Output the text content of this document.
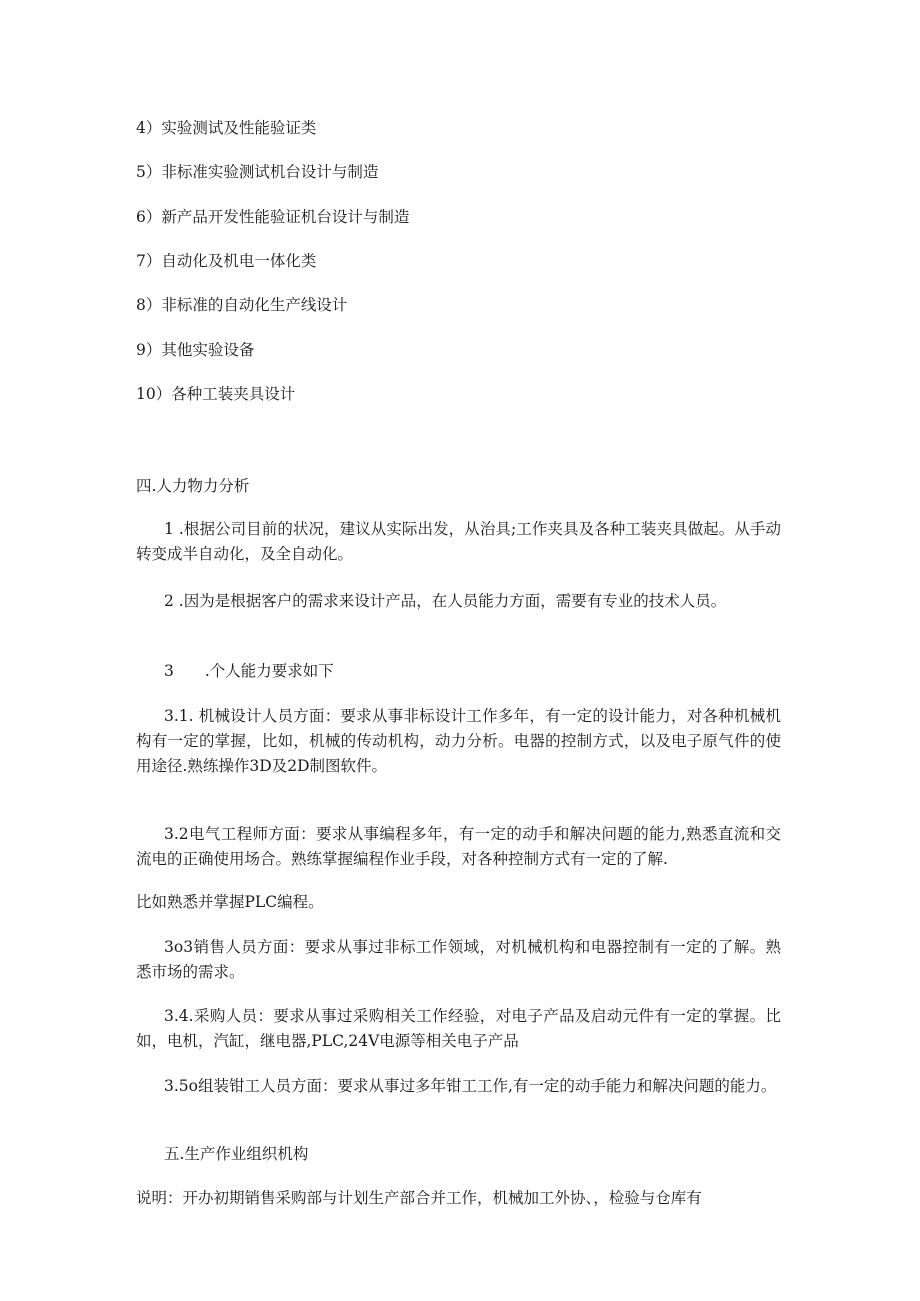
4）实验测试及性能验证类
5）非标准实验测试机台设计与制造
6）新产品开发性能验证机台设计与制造
7）自动化及机电一体化类
8）非标准的自动化生产线设计
9）其他实验设备
10）各种工装夹具设计
四.人力物力分析
1 .根据公司目前的状况，建议从实际出发，从治具;工作夹具及各种工装夹具做起。从手动转变成半自动化，及全自动化。
2 .因为是根据客户的需求来设计产品，在人员能力方面，需要有专业的技术人员。
3　　.个人能力要求如下
3.1. 机械设计人员方面：要求从事非标设计工作多年，有一定的设计能力，对各种机械机构有一定的掌握，比如，机械的传动机构，动力分析。电器的控制方式，以及电子原气件的使用途径.熟练操作3D及2D制图软件。
3.2电气工程师方面：要求从事编程多年，有一定的动手和解决问题的能力,熟悉直流和交流电的正确使用场合。熟练掌握编程作业手段，对各种控制方式有一定的了解.
比如熟悉并掌握PLC编程。
3o3销售人员方面：要求从事过非标工作领域，对机械机构和电器控制有一定的了解。熟悉市场的需求。
3.4.采购人员：要求从事过采购相关工作经验，对电子产品及启动元件有一定的掌握。比如，电机，汽缸，继电器,PLC,24V电源等相关电子产品
3.5o组装钳工人员方面：要求从事过多年钳工工作,有一定的动手能力和解决问题的能力。
五.生产作业组织机构
说明：开办初期销售采购部与计划生产部合并工作，机械加工外协、，检验与仓库有
